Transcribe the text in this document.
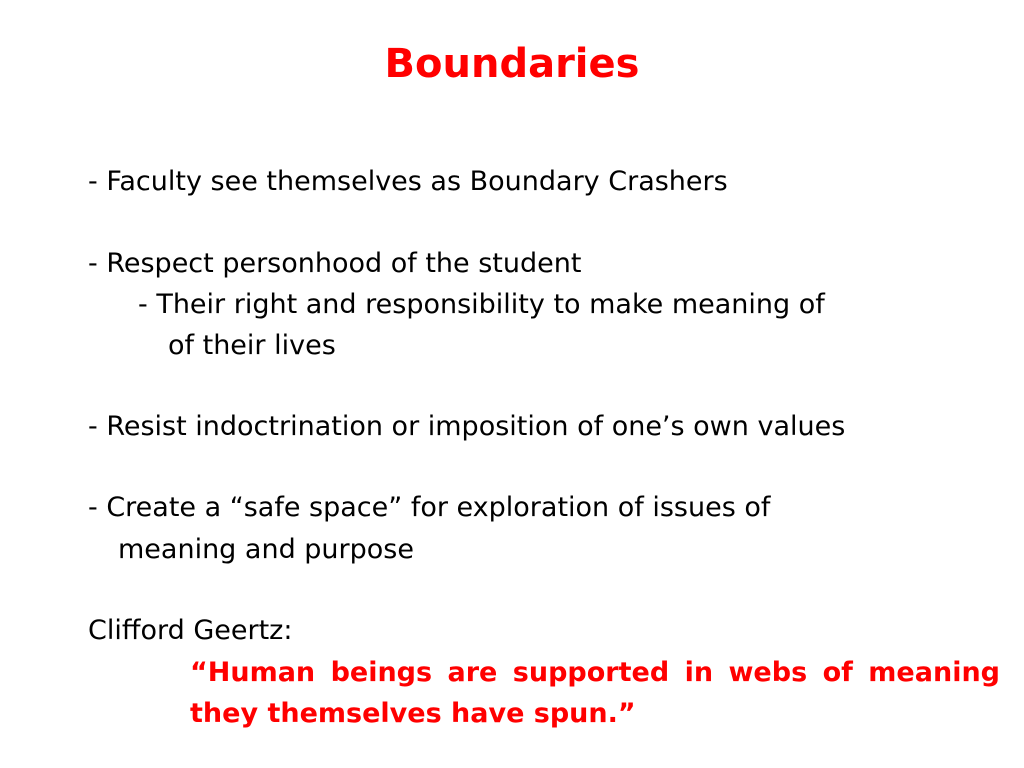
Boundaries
- Faculty see themselves as Boundary Crashers
- Respect personhood of the student
- Their right and responsibility to make meaning of
of their lives
- Resist indoctrination or imposition of one’s own values
- Create a “safe space” for exploration of issues of
meaning and purpose
Clifford Geertz:
“Human beings are supported in webs of meaning
they themselves have spun.”
